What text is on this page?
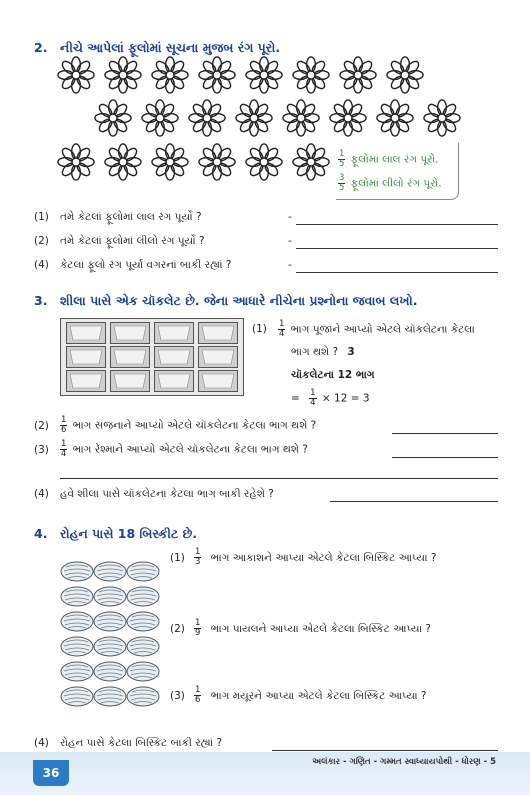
2. નીચે આપેલાં ફૂલોમાં સૂચના મુજબ રંગ પૂરો.
$\frac{1}{5}$ ફૂલોમાં લાલ રંગ પૂરો.
$\frac{3}{5}$ ફૂલોમાં લીલો રંગ પૂરો.
(1) તમે કેટલાં ફૂલોમાં લાલ રંગ પૂર્યો ?	-
(2) તમે કેટલાં ફૂલોમાં લીલો રંગ પૂર્યો ?	-
(4) કેટલાં ફૂલો રંગ પૂર્યા વગરનાં બાકી રહ્યાં ?	-
3. શીલા પાસે એક ચૉકલેટ છે. જેના આધારે નીચેના પ્રશ્નોના જવાબ લખો.
$(1) \frac{1}{4}$ ભાગ પૂજાને આપ્યો એટલે ચૉકલેટના કેટલા
ભાગ થશે ? 3
ચૉકલેટના 12 ભાગ
= $\frac{1}{4} \times 12 = 3$
$(2) \frac{1}{6}$ ભાગ સંજનાને આપ્યો એટલે ચૉકલેટના કેટલા ભાગ થશે ?
$(3) \frac{1}{4}$ ભાગ રેશ્માને આપ્યો એટલે ચૉકલેટના કેટલા ભાગ થશે ?
(4) હવે શીલા પાસે ચૉકલેટના કેટલા ભાગ બાકી રહેશે ?
4. રોહન પાસે 18 બિસ્કીટ છે.
$(1) \frac{1}{3}$ ભાગ આકાશને આપ્યા એટલે કેટલા બિસ્કિટ આપ્યા ?
$(2) \frac{1}{9}$ ભાગ પાયલને આપ્યા એટલે કેટલા બિસ્કિટ આપ્યા ?
$(3) \frac{1}{6}$ ભાગ મયૂરને આપ્યા એટલે કેટલા બિસ્કિટ આપ્યા ?
(4) રોહન પાસે કેટલા બિસ્કિટ બાકી રહ્યાં ?
36
અલંકાર - ગણિત - ગમ્મત સ્વાધ્યાયપોથી - ધોરણ - 5
